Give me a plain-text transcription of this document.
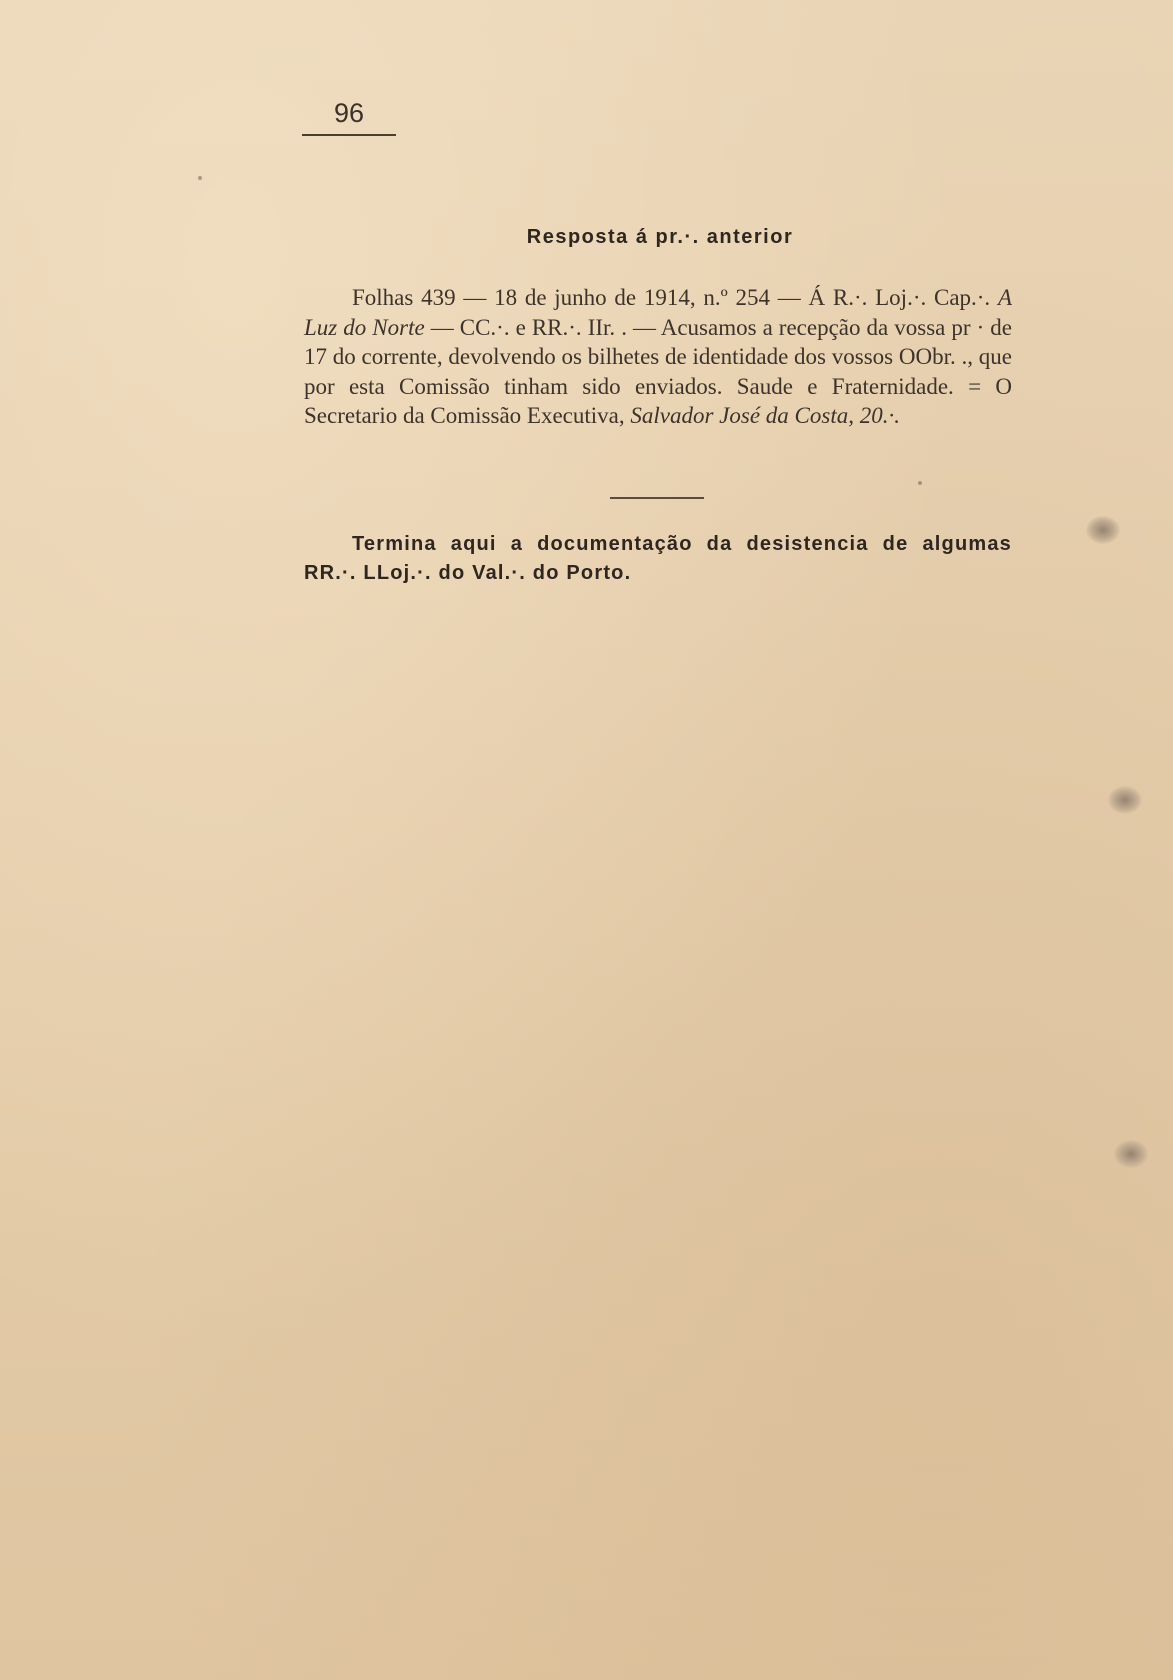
96
Resposta á pr.·. anterior

Folhas 439 — 18 de junho de 1914, n.º 254 — Á R.·. Loj.·. Cap.·. A Luz do Norte — CC.·. e RR.·. IIr. . — Acusamos a recepção da vossa pr · de 17 do corrente, devolvendo os bilhetes de identidade dos vossos OObr. ., que por esta Comissão tinham sido enviados. Saude e Fraternidade. = O Secretario da Comissão Executiva, Salvador José da Costa, 20.·.

Termina aqui a documentação da desistencia de algumas RR.·. LLoj.·. do Val.·. do Porto.
